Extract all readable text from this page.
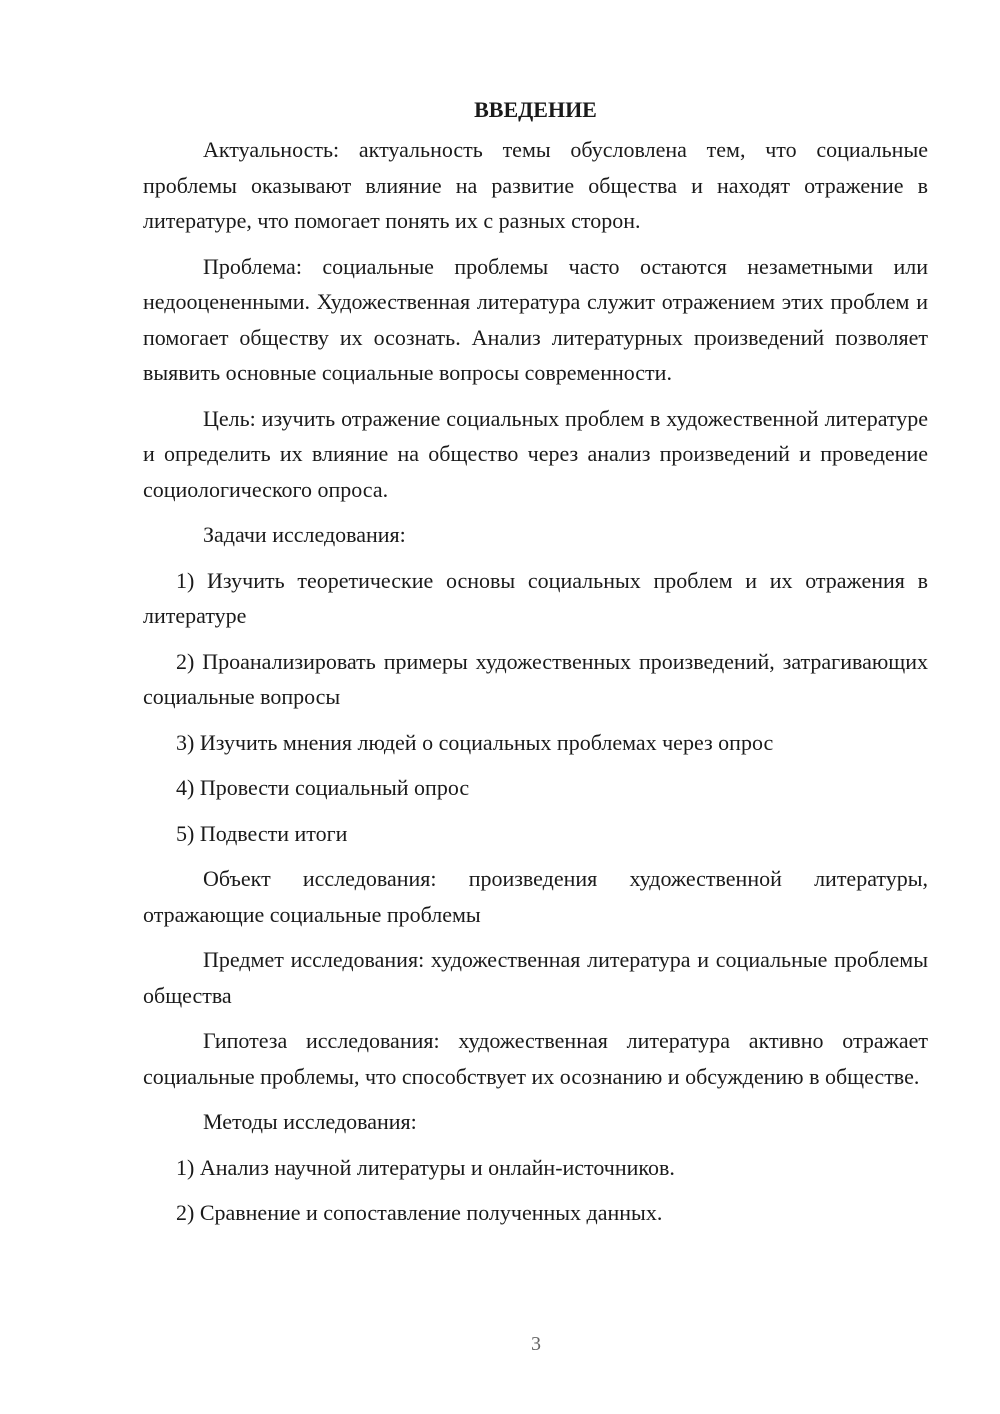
ВВЕДЕНИЕ

Актуальность: актуальность темы обусловлена тем, что социальные проблемы оказывают влияние на развитие общества и находят отражение в литературе, что помогает понять их с разных сторон.

Проблема: социальные проблемы часто остаются незаметными или недооцененными. Художественная литература служит отражением этих проблем и помогает обществу их осознать. Анализ литературных произведений позволяет выявить основные социальные вопросы современности.

Цель: изучить отражение социальных проблем в художественной литературе и определить их влияние на общество через анализ произведений и проведение социологического опроса.

Задачи исследования:

1) Изучить теоретические основы социальных проблем и их отражения в литературе

2) Проанализировать примеры художественных произведений, затрагивающих социальные вопросы

3) Изучить мнения людей о социальных проблемах через опрос

4) Провести социальный опрос

5) Подвести итоги

Объект исследования: произведения художественной литературы, отражающие социальные проблемы

Предмет исследования: художественная литература и социальные проблемы общества

Гипотеза исследования: художественная литература активно отражает социальные проблемы, что способствует их осознанию и обсуждению в обществе.

Методы исследования:

1) Анализ научной литературы и онлайн-источников.

2) Сравнение и сопоставление полученных данных.

3
